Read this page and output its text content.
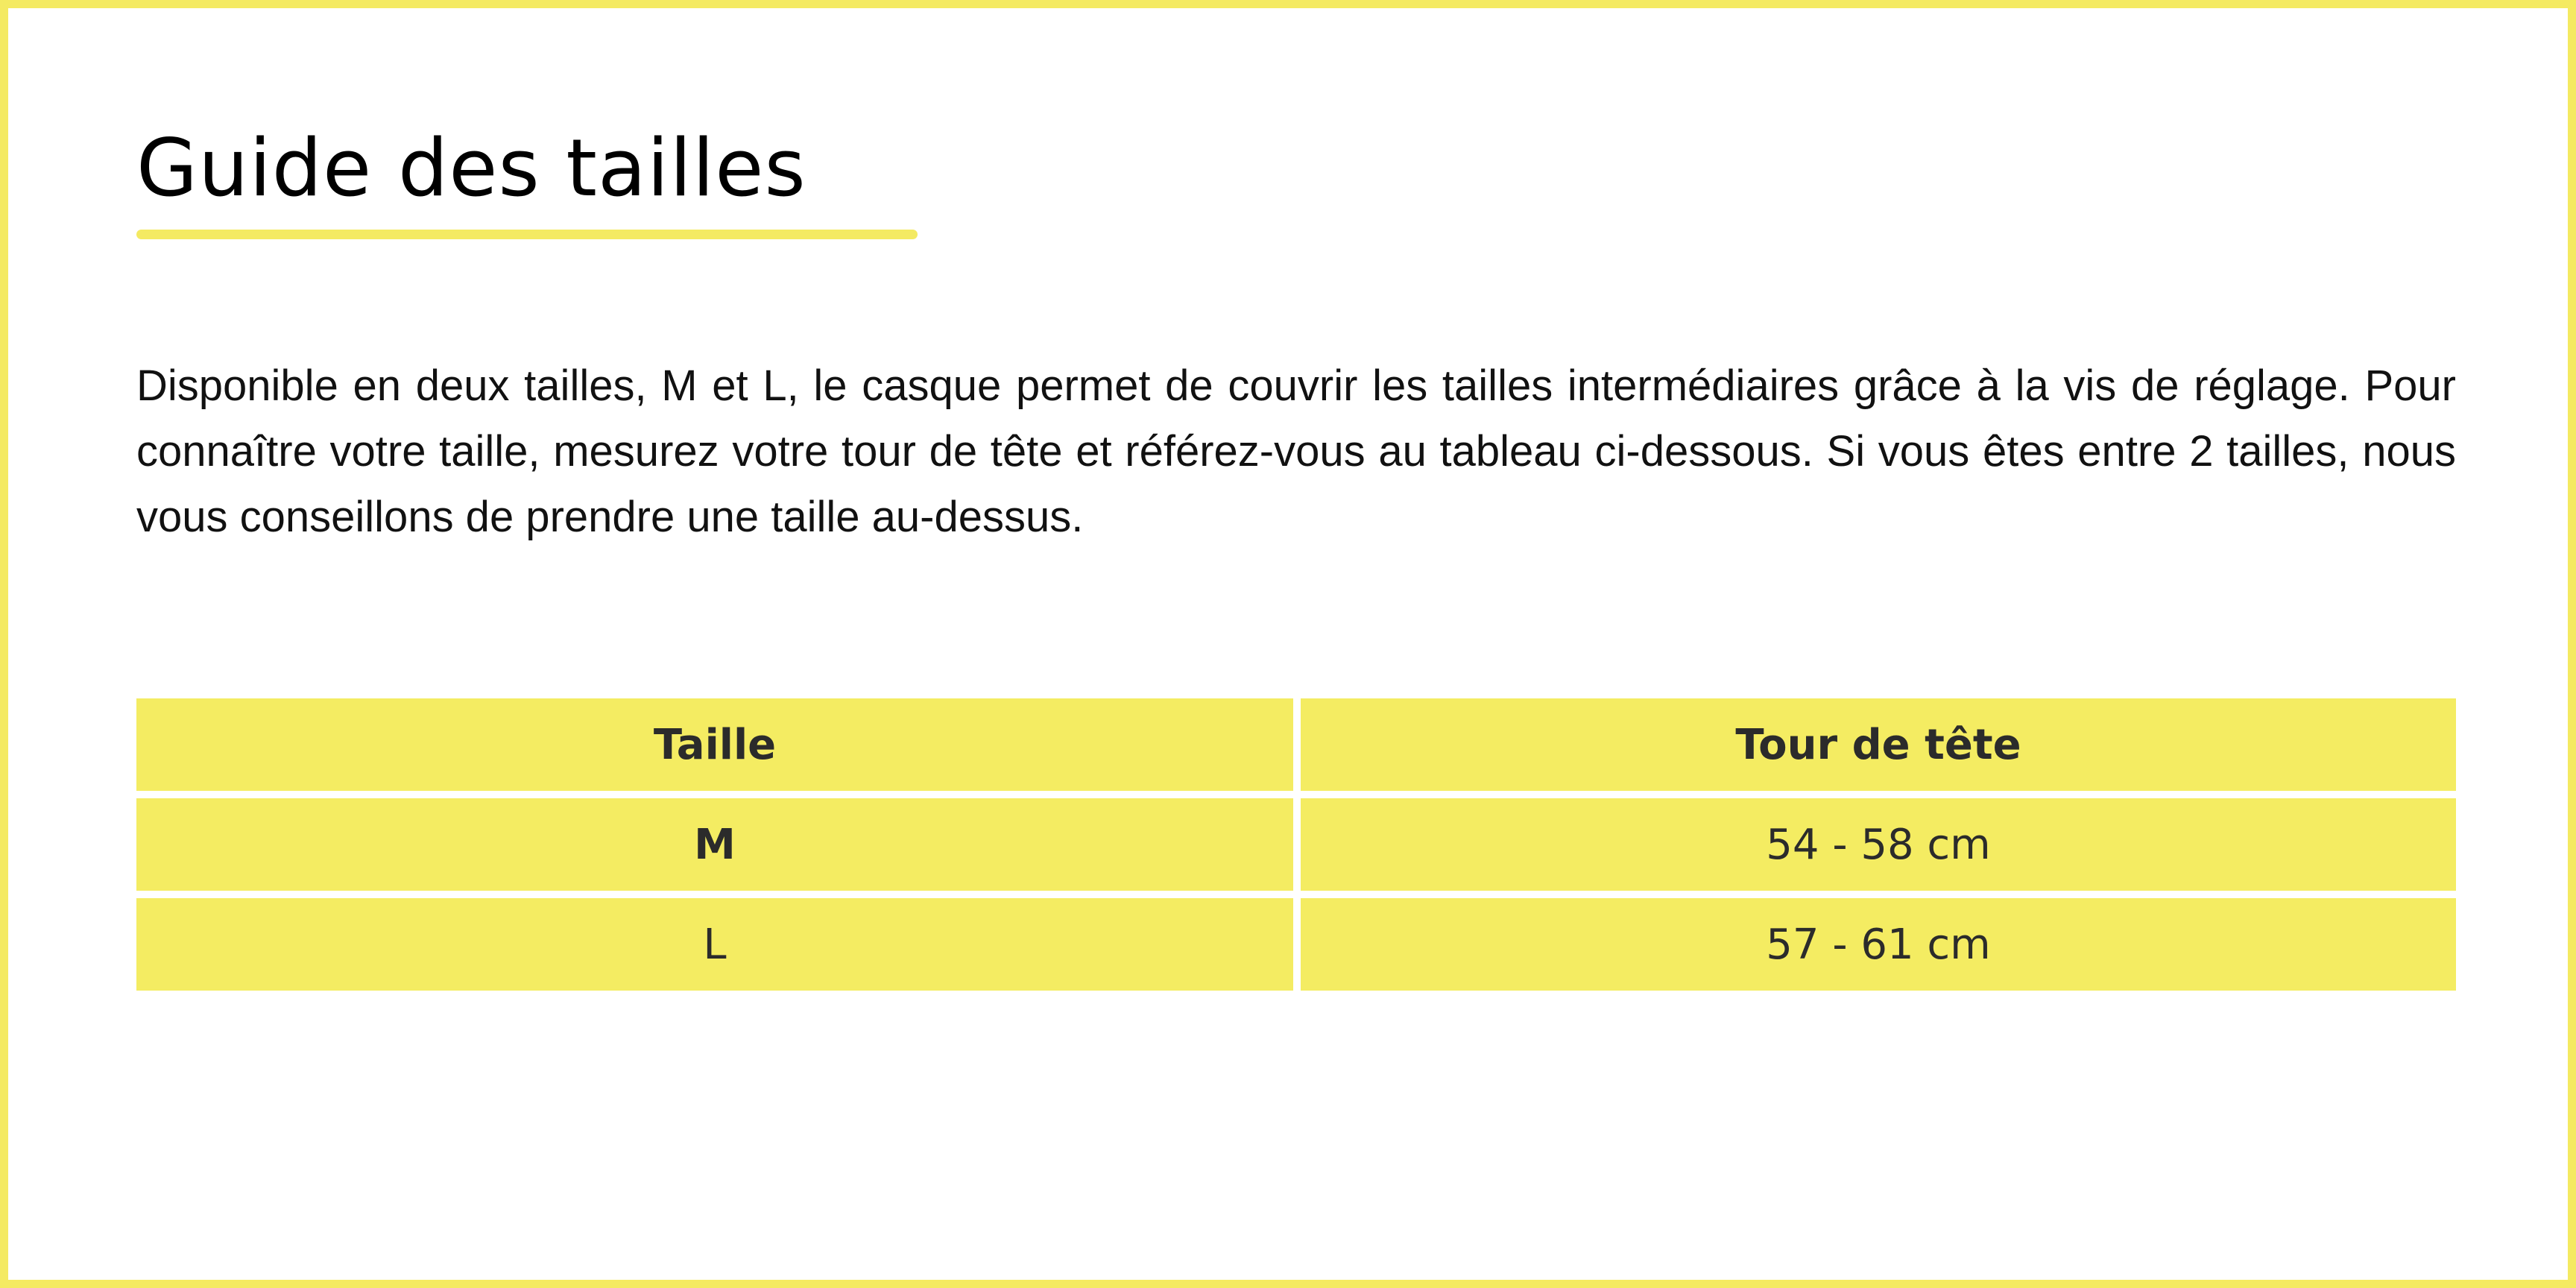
Guide des tailles

Disponible en deux tailles, M et L, le casque permet de couvrir les tailles intermédiaires grâce à la vis de réglage. Pour connaître votre taille, mesurez votre tour de tête et référez-vous au tableau ci-dessous. Si vous êtes entre 2 tailles, nous vous conseillons de prendre une taille au-dessus.

Taille	Tour de tête
M	54 - 58 cm
L	57 - 61 cm
